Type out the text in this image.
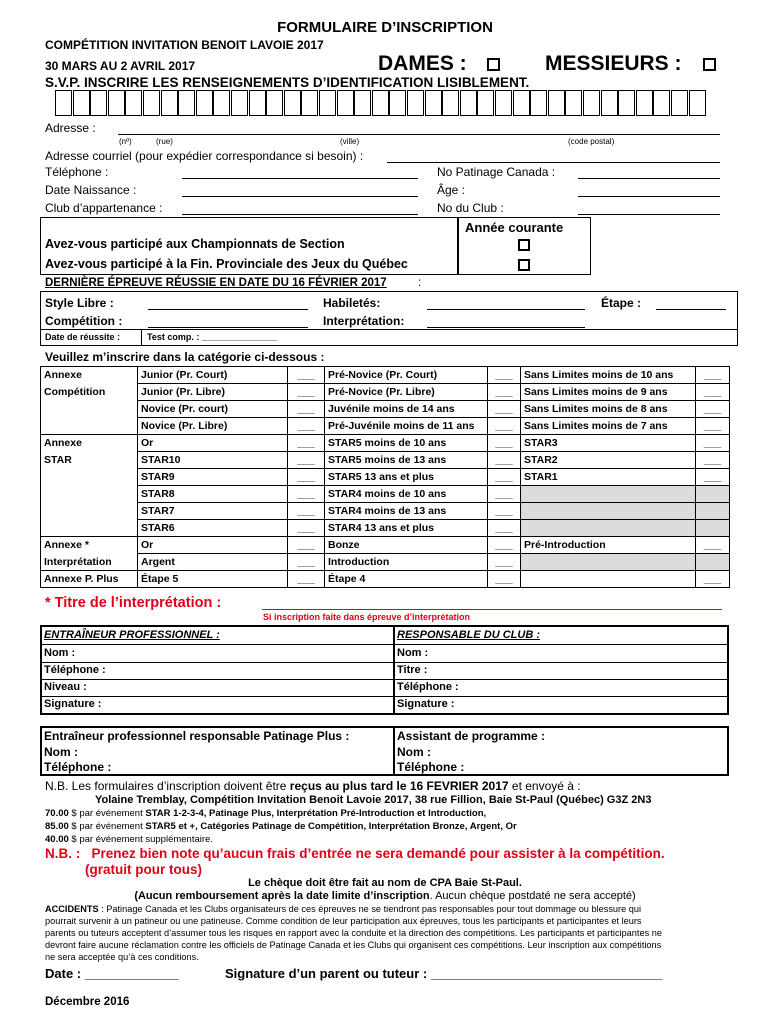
FORMULAIRE D’INSCRIPTION
COMPÉTITION INVITATION BENOIT LAVOIE 2017
30 MARS AU 2 AVRIL 2017	DAMES :	MESSIEURS :
S.V.P. INSCRIRE LES RENSEIGNEMENTS D’IDENTIFICATION LISIBLEMENT.
Adresse :
(nº)	(rue)	(ville)	(code postal)
Adresse courriel (pour expédier correspondance si besoin) :
Téléphone :	No Patinage Canada :
Date Naissance :	Âge :
Club d’appartenance :	No du Club :
Année courante
Avez-vous participé aux Championnats de Section
Avez-vous participé à la Fin. Provinciale des Jeux du Québec
DERNIÈRE ÉPREUVE RÉUSSIE EN DATE DU 16 FÉVRIER 2017	:
Style Libre :	Habiletés:	Étape :
Compétition :	Interprétation:
Date de réussite :	Test comp. : _______________
Veuillez m’inscrire dans la catégorie ci-dessous :
Annexe	Junior (Pr. Court)	___	Pré-Novice (Pr. Court)	___	Sans Limites moins de 10 ans	___
Compétition	Junior (Pr. Libre)	___	Pré-Novice (Pr. Libre)	___	Sans Limites moins de 9 ans	___
	Novice (Pr. court)	___	Juvénile moins de 14 ans	___	Sans Limites moins de 8 ans	___
	Novice (Pr. Libre)	___	Pré-Juvénile moins de 11 ans	___	Sans Limites moins de 7 ans	___
Annexe	Or	___	STAR5 moins de 10 ans	___	STAR3	___
STAR	STAR10	___	STAR5 moins de 13 ans	___	STAR2	___
	STAR9	___	STAR5 13 ans et plus	___	STAR1	___
	STAR8	___	STAR4 moins de 10 ans	___		
	STAR7	___	STAR4 moins de 13 ans	___		
	STAR6	___	STAR4 13 ans et plus	___		
Annexe *	Or	___	Bonze	___	Pré-Introduction	___
Interprétation	Argent	___	Introduction	___		
Annexe P. Plus	Étape 5	___	Étape 4	___		___
* Titre de l’interprétation :
Si inscription faite dans épreuve d’interprétation
ENTRAÎNEUR PROFESSIONNEL :	RESPONSABLE DU CLUB :
Nom :	Nom :
Téléphone :	Titre :
Niveau :	Téléphone :
Signature :	Signature :
Entraîneur professionnel responsable Patinage Plus :	Assistant de programme :
Nom :	Nom :
Téléphone :	Téléphone :
N.B. Les formulaires d’inscription doivent être reçus au plus tard le 16 FEVRIER 2017 et envoyé à :
Yolaine Tremblay, Compétition Invitation Benoit Lavoie 2017, 38 rue Fillion, Baie St-Paul (Québec) G3Z 2N3
70.00 $ par événement STAR 1-2-3-4, Patinage Plus, Interprétation Pré-Introduction et Introduction,
85.00 $ par événement STAR5 et +, Catégories Patinage de Compétition, Interprétation Bronze, Argent, Or
40.00 $ par événement supplémentaire.
N.B. : Prenez bien note qu’aucun frais d’entrée ne sera demandé pour assister à la compétition.
(gratuit pour tous)
Le chèque doit être fait au nom de CPA Baie St-Paul.
(Aucun remboursement après la date limite d’inscription. Aucun chèque postdaté ne sera accepté)
ACCIDENTS : Patinage Canada et les Clubs organisateurs de ces épreuves ne se tiendront pas responsables pour tout dommage ou blessure qui
pourrait survenir à un patineur ou une patineuse. Comme condition de leur participation aux épreuves, tous les participants et participantes et leurs
parents ou tuteurs acceptent d’assumer tous les risques en rapport avec la conduite et la direction des compétitions. Les participants et participantes ne
devront faire aucune réclamation contre les officiels de Patinage Canada et les Clubs qui organisent ces compétitions. Leur inscription aux compétitions
ne sera acceptée qu’à ces conditions.
Date : _____________	Signature d’un parent ou tuteur : ________________________________
Décembre 2016
